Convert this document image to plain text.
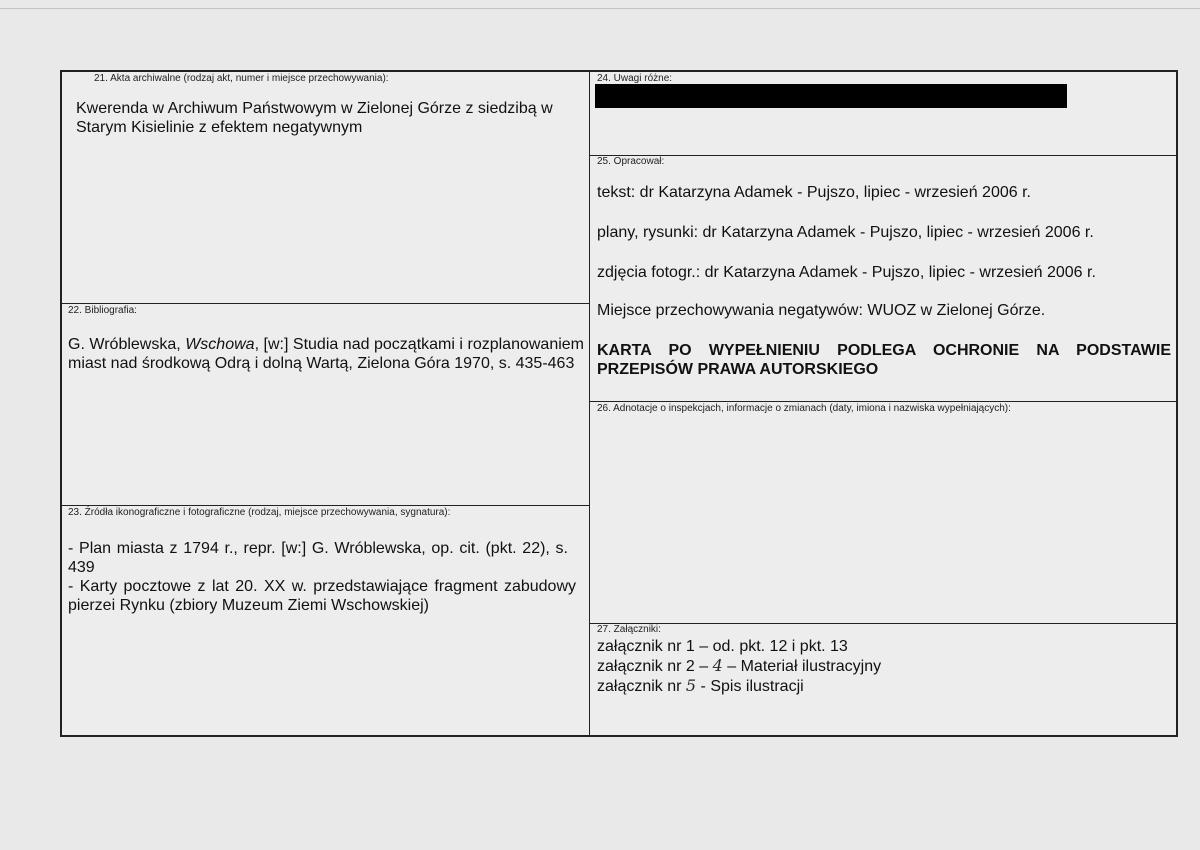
21. Akta archiwalne (rodzaj akt, numer i miejsce przechowywania):
Kwerenda w Archiwum Państwowym w Zielonej Górze z siedzibą w Starym Kisielinie z efektem negatywnym
22. Bibliografia:
G. Wróblewska, Wschowa, [w:] Studia nad początkami i rozplanowaniem miast nad środkową Odrą i dolną Wartą, Zielona Góra 1970, s. 435-463
23. Źródła ikonograficzne i fotograficzne (rodzaj, miejsce przechowywania, sygnatura):
- Plan miasta z 1794 r., repr. [w:] G. Wróblewska, op. cit. (pkt. 22), s. 439
- Karty pocztowe z lat 20. XX w. przedstawiające fragment zabudowy pierzei Rynku (zbiory Muzeum Ziemi Wschowskiej)
24. Uwagi różne:
25. Opracował:
tekst: dr Katarzyna Adamek - Pujszo, lipiec - wrzesień 2006 r.
plany, rysunki: dr Katarzyna Adamek - Pujszo, lipiec - wrzesień 2006 r.
zdjęcia fotogr.: dr Katarzyna Adamek - Pujszo, lipiec - wrzesień 2006 r.
Miejsce przechowywania negatywów: WUOZ w Zielonej Górze.
KARTA PO WYPEŁNIENIU PODLEGA OCHRONIE NA PODSTAWIE PRZEPISÓW PRAWA AUTORSKIEGO
26. Adnotacje o inspekcjach, informacje o zmianach (daty, imiona i nazwiska wypełniających):
27. Załączniki:
załącznik nr 1 – od. pkt. 12 i pkt. 13
załącznik nr 2 – 4 – Materiał ilustracyjny
załącznik nr 5 - Spis ilustracji
